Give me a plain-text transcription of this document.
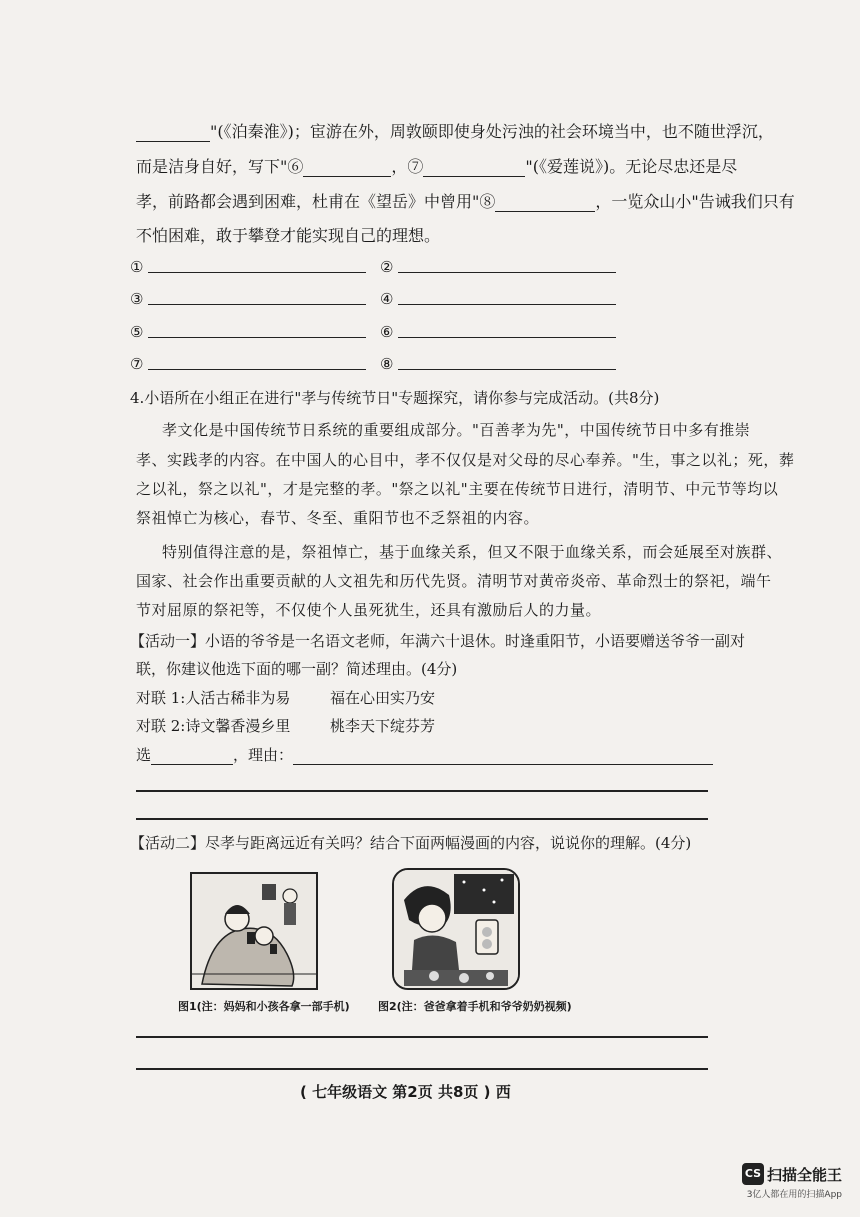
"(《泊秦淮》)；宦游在外，周敦颐即使身处污浊的社会环境当中，也不随世浮沉，
而是洁身自好，写下"⑥	，⑦	"(《爱莲说》)。无论尽忠还是尽
孝，前路都会遇到困难，杜甫在《望岳》中曾用"⑧	，一览众山小"告诫我们只有
不怕困难，敢于攀登才能实现自己的理想。
①	②
③	④
⑤	⑥
⑦	⑧
4.小语所在小组正在进行"孝与传统节日"专题探究，请你参与完成活动。(共8分)
孝文化是中国传统节日系统的重要组成部分。"百善孝为先"，中国传统节日中多有推崇
孝、实践孝的内容。在中国人的心目中，孝不仅仅是对父母的尽心奉养。"生，事之以礼；死，葬
之以礼，祭之以礼"，才是完整的孝。"祭之以礼"主要在传统节日进行，清明节、中元节等均以
祭祖悼亡为核心，春节、冬至、重阳节也不乏祭祖的内容。
特别值得注意的是，祭祖悼亡，基于血缘关系，但又不限于血缘关系，而会延展至对族群、
国家、社会作出重要贡献的人文祖先和历代先贤。清明节对黄帝炎帝、革命烈士的祭祀，端午
节对屈原的祭祀等，不仅使个人虽死犹生，还具有激励后人的力量。
【活动一】小语的爷爷是一名语文老师，年满六十退休。时逢重阳节，小语要赠送爷爷一副对
联，你建议他选下面的哪一副？简述理由。(4分)
对联 1:人活古稀非为易	福在心田实乃安
对联 2:诗文馨香漫乡里	桃李天下绽芬芳
选	，理由：
【活动二】尽孝与距离远近有关吗？结合下面两幅漫画的内容，说说你的理解。(4分)
图1(注：妈妈和小孩各拿一部手机)	图2(注：爸爸拿着手机和爷爷奶奶视频)
( 七年级语文 第2页 共8页 ) 西
CS 扫描全能王
3亿人都在用的扫描App
